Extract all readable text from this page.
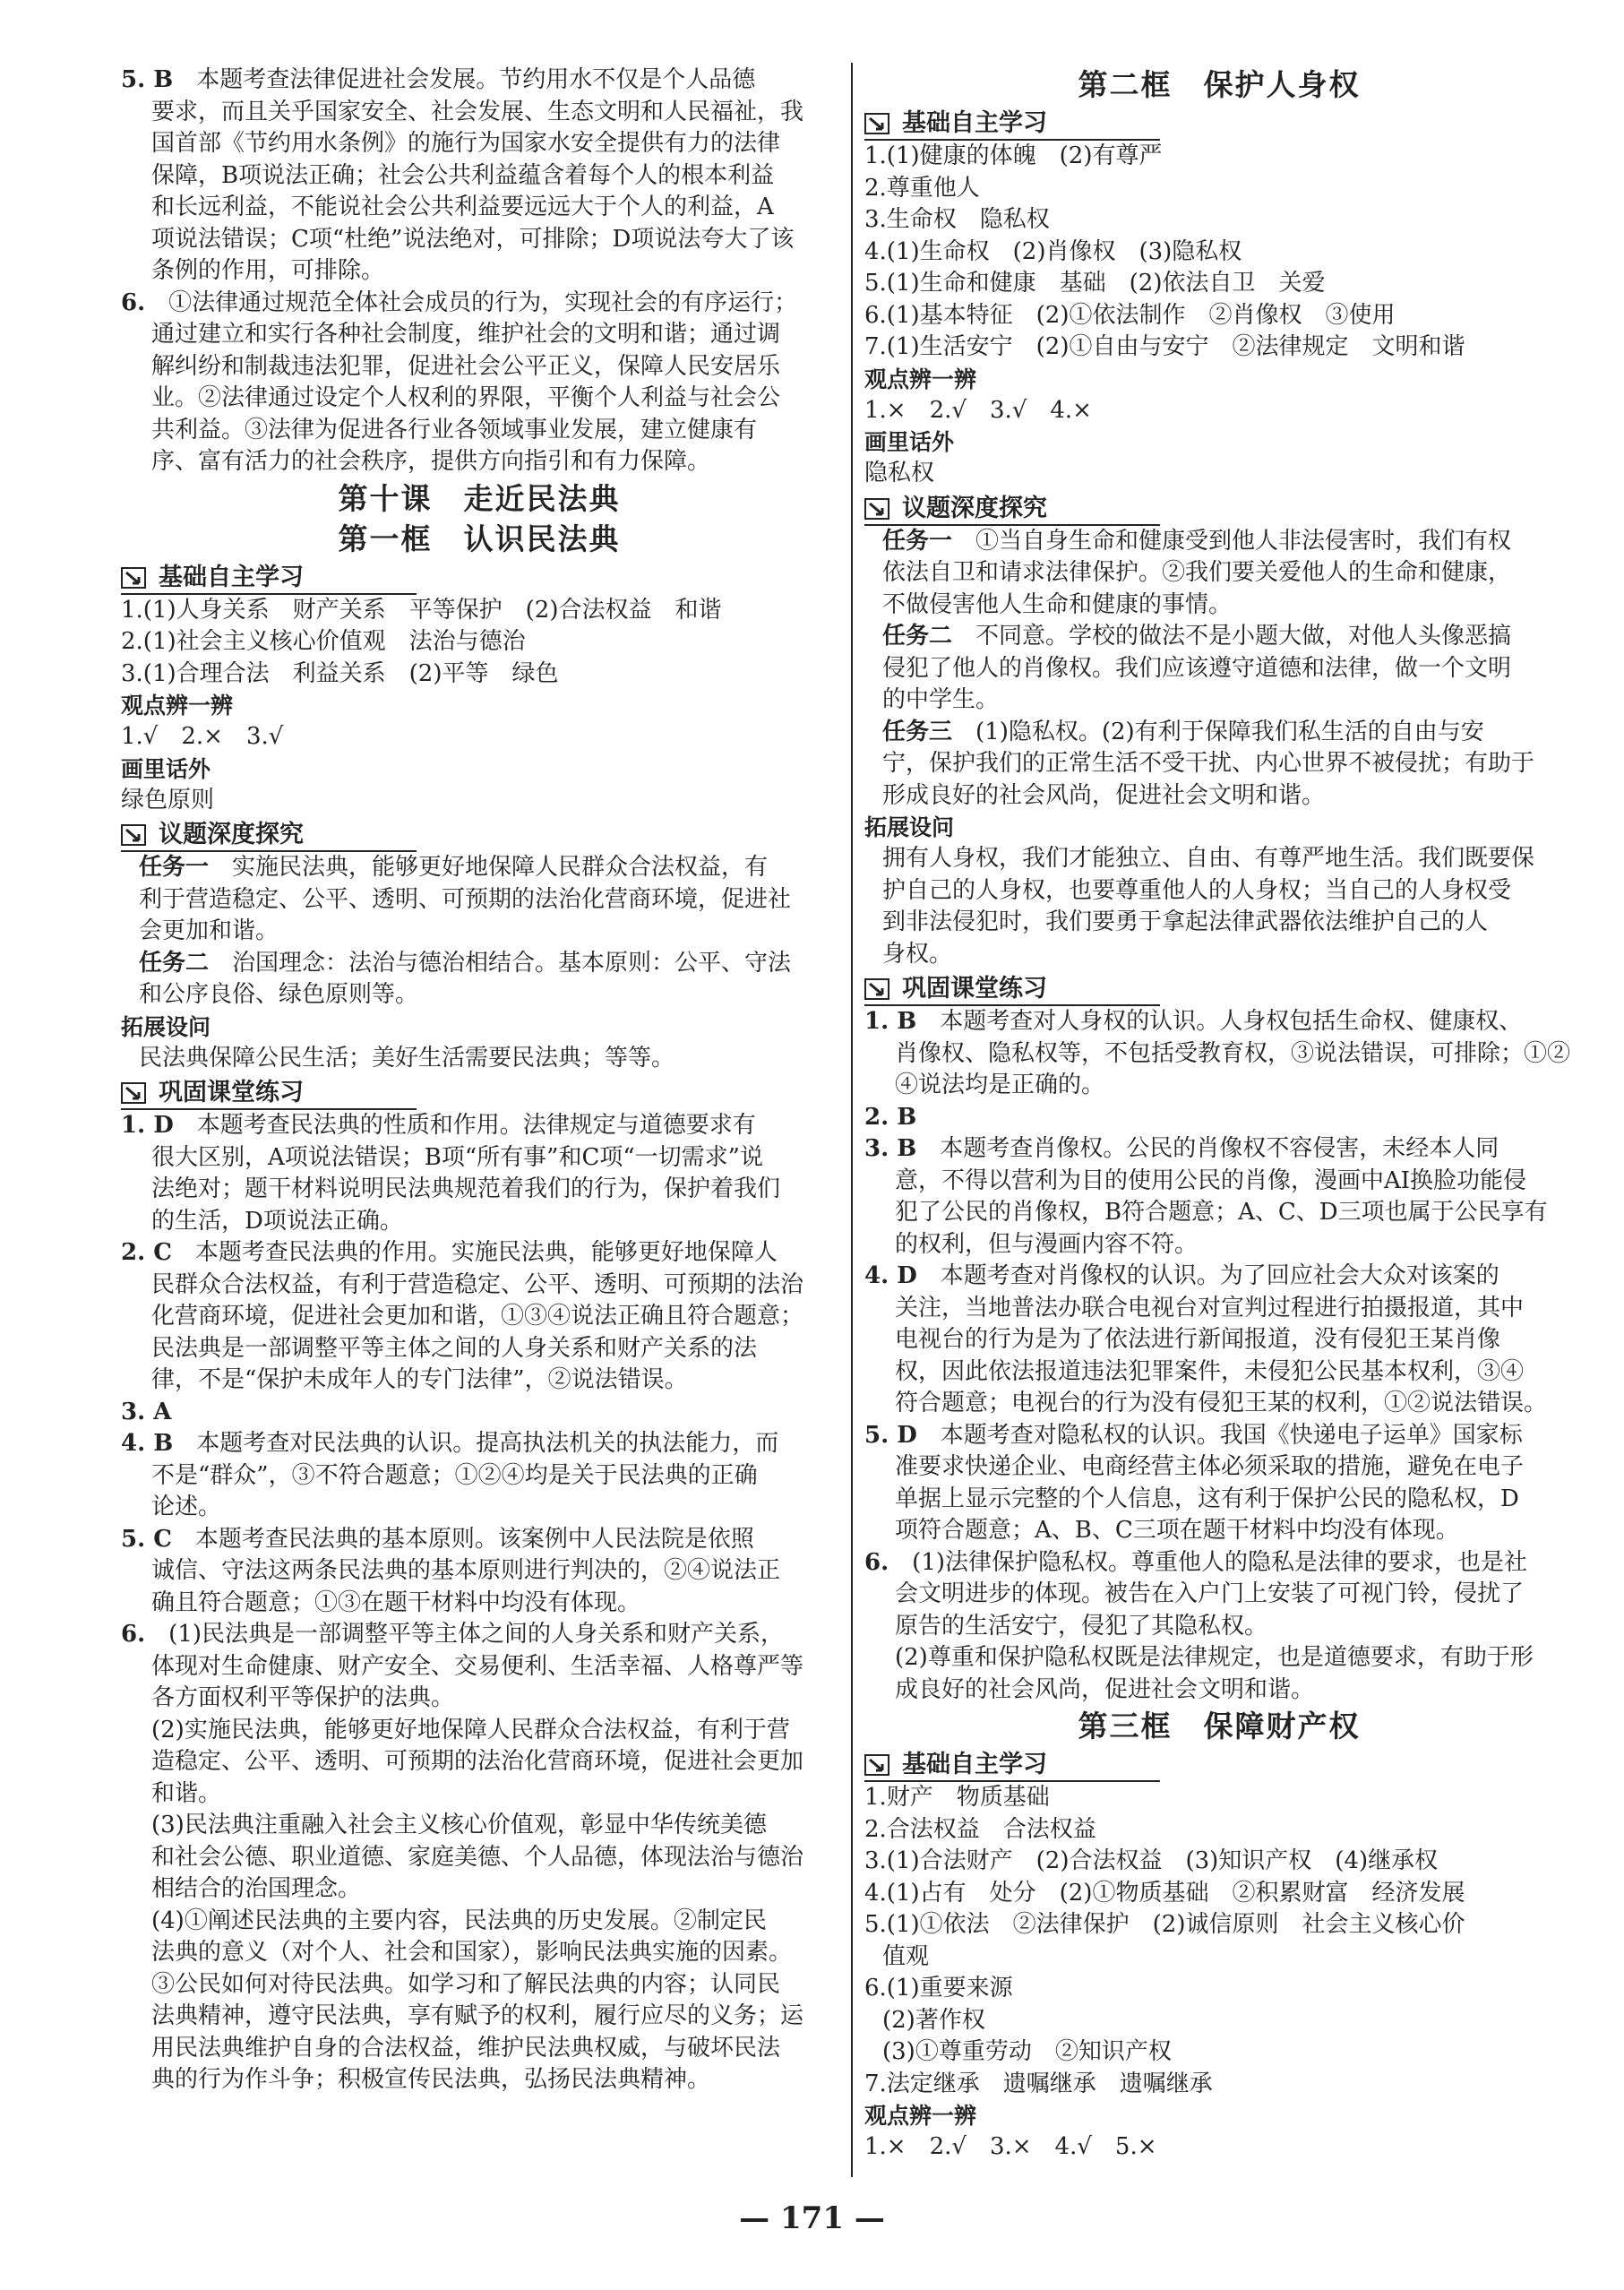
5. B　 本题考查法律促进社会发展。节约用水不仅是个人品德

要求，而且关乎国家安全、社会发展、生态文明和人民福祉，我

国首部《节约用水条例》的施行为国家水安全提供有力的法律

保障，B项说法正确；社会公共利益蕴含着每个人的根本利益

和长远利益，不能说社会公共利益要远远大于个人的利益，A

项说法错误；C项“杜绝”说法绝对，可排除；D项说法夸大了该

条例的作用，可排除。

6.　 ①法律通过规范全体社会成员的行为，实现社会的有序运行；

通过建立和实行各种社会制度，维护社会的文明和谐；通过调

解纠纷和制裁违法犯罪，促进社会公平正义，保障人民安居乐

业。②法律通过设定个人权利的界限，平衡个人利益与社会公

共利益。③法律为促进各行业各领域事业发展，建立健康有

序、富有活力的社会秩序，提供方向指引和有力保障。

第十课　走近民法典

第一框　认识民法典

基础自主学习

1.(1)人身关系　财产关系　平等保护　(2)合法权益　和谐

2.(1)社会主义核心价值观　法治与德治

3.(1)合理合法　利益关系　(2)平等　绿色

观点辨一辨

1.√　2.×　3.√

画里话外

绿色原则

议题深度探究

任务一　 实施民法典，能够更好地保障人民群众合法权益，有

利于营造稳定、公平、透明、可预期的法治化营商环境，促进社

会更加和谐。

任务二　 治国理念：法治与德治相结合。基本原则：公平、守法

和公序良俗、绿色原则等。

拓展设问

民法典保障公民生活；美好生活需要民法典；等等。

巩固课堂练习

1. D　 本题考查民法典的性质和作用。法律规定与道德要求有

很大区别，A项说法错误；B项“所有事”和C项“一切需求”说

法绝对；题干材料说明民法典规范着我们的行为，保护着我们

的生活，D项说法正确。

2. C　 本题考查民法典的作用。实施民法典，能够更好地保障人

民群众合法权益，有利于营造稳定、公平、透明、可预期的法治

化营商环境，促进社会更加和谐，①③④说法正确且符合题意；

民法典是一部调整平等主体之间的人身关系和财产关系的法

律，不是“保护未成年人的专门法律”，②说法错误。

3. A　

4. B　 本题考查对民法典的认识。提高执法机关的执法能力，而

不是“群众”，③不符合题意；①②④均是关于民法典的正确

论述。

5. C　 本题考查民法典的基本原则。该案例中人民法院是依照

诚信、守法这两条民法典的基本原则进行判决的，②④说法正

确且符合题意；①③在题干材料中均没有体现。

6.　 (1)民法典是一部调整平等主体之间的人身关系和财产关系，

体现对生命健康、财产安全、交易便利、生活幸福、人格尊严等

各方面权利平等保护的法典。

(2)实施民法典，能够更好地保障人民群众合法权益，有利于营

造稳定、公平、透明、可预期的法治化营商环境，促进社会更加

和谐。

(3)民法典注重融入社会主义核心价值观，彰显中华传统美德

和社会公德、职业道德、家庭美德、个人品德，体现法治与德治

相结合的治国理念。

(4)①阐述民法典的主要内容，民法典的历史发展。②制定民

法典的意义（对个人、社会和国家），影响民法典实施的因素。

③公民如何对待民法典。如学习和了解民法典的内容；认同民

法典精神，遵守民法典，享有赋予的权利，履行应尽的义务；运

用民法典维护自身的合法权益，维护民法典权威，与破坏民法

典的行为作斗争；积极宣传民法典，弘扬民法典精神。

第二框　保护人身权

基础自主学习

1.(1)健康的体魄　(2)有尊严

2.尊重他人

3.生命权　隐私权

4.(1)生命权　(2)肖像权　(3)隐私权

5.(1)生命和健康　基础　(2)依法自卫　关爱

6.(1)基本特征　(2)①依法制作　②肖像权　③使用

7.(1)生活安宁　(2)①自由与安宁　②法律规定　文明和谐

观点辨一辨

1.×　2.√　3.√　4.×

画里话外

隐私权

议题深度探究

任务一　 ①当自身生命和健康受到他人非法侵害时，我们有权

依法自卫和请求法律保护。②我们要关爱他人的生命和健康，

不做侵害他人生命和健康的事情。

任务二　 不同意。学校的做法不是小题大做，对他人头像恶搞

侵犯了他人的肖像权。我们应该遵守道德和法律，做一个文明

的中学生。

任务三　 (1)隐私权。(2)有利于保障我们私生活的自由与安

宁，保护我们的正常生活不受干扰、内心世界不被侵扰；有助于

形成良好的社会风尚，促进社会文明和谐。

拓展设问

拥有人身权，我们才能独立、自由、有尊严地生活。我们既要保

护自己的人身权，也要尊重他人的人身权；当自己的人身权受

到非法侵犯时，我们要勇于拿起法律武器依法维护自己的人

身权。

巩固课堂练习

1. B　 本题考查对人身权的认识。人身权包括生命权、健康权、

肖像权、隐私权等，不包括受教育权，③说法错误，可排除；①②

④说法均是正确的。

2. B　

3. B　 本题考查肖像权。公民的肖像权不容侵害，未经本人同

意，不得以营利为目的使用公民的肖像，漫画中AI换脸功能侵

犯了公民的肖像权，B符合题意；A、C、D三项也属于公民享有

的权利，但与漫画内容不符。

4. D　 本题考查对肖像权的认识。为了回应社会大众对该案的

关注，当地普法办联合电视台对宣判过程进行拍摄报道，其中

电视台的行为是为了依法进行新闻报道，没有侵犯王某肖像

权，因此依法报道违法犯罪案件，未侵犯公民基本权利，③④

符合题意；电视台的行为没有侵犯王某的权利，①②说法错误。

5. D　 本题考查对隐私权的认识。我国《快递电子运单》国家标

准要求快递企业、电商经营主体必须采取的措施，避免在电子

单据上显示完整的个人信息，这有利于保护公民的隐私权，D

项符合题意；A、B、C三项在题干材料中均没有体现。

6.　 (1)法律保护隐私权。尊重他人的隐私是法律的要求，也是社

会文明进步的体现。被告在入户门上安装了可视门铃，侵扰了

原告的生活安宁，侵犯了其隐私权。

(2)尊重和保护隐私权既是法律规定，也是道德要求，有助于形

成良好的社会风尚，促进社会文明和谐。

第三框　保障财产权

基础自主学习

1.财产　物质基础

2.合法权益　合法权益

3.(1)合法财产　(2)合法权益　(3)知识产权　(4)继承权

4.(1)占有　处分　(2)①物质基础　②积累财富　经济发展

5.(1)①依法　②法律保护　(2)诚信原则　社会主义核心价

值观

6.(1)重要来源

(2)著作权

(3)①尊重劳动　②知识产权

7.法定继承　遗嘱继承　遗嘱继承

观点辨一辨

1.×　2.√　3.×　4.√　5.×

— 171 —
